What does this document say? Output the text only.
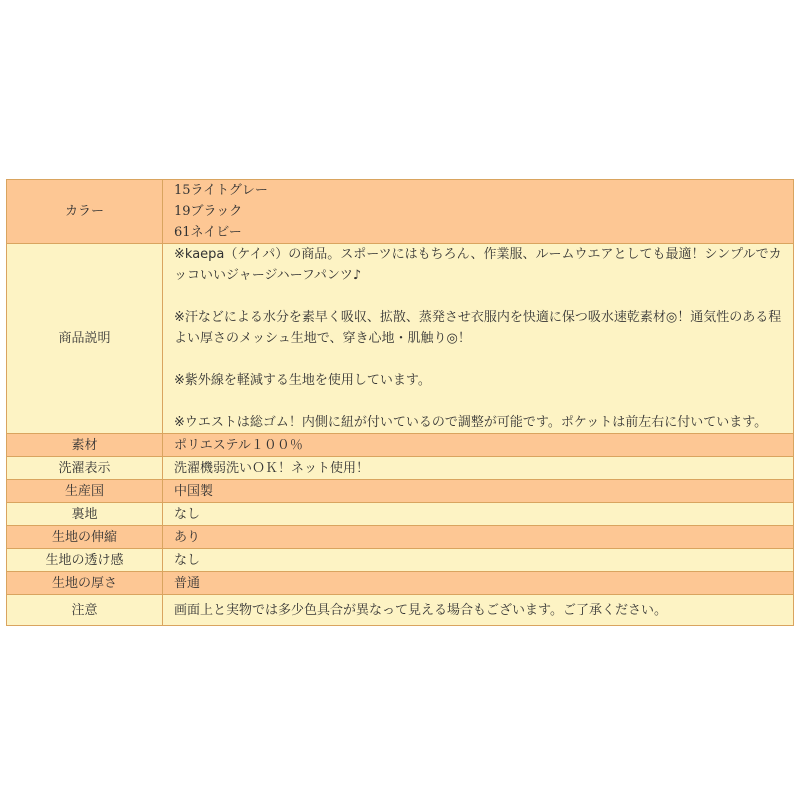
カラー	15ライトグレー
19ブラック
61ネイビー

商品説明	※kaepa（ケイパ）の商品。スポーツにはもちろん、作業服、ルームウエアとしても最適！シンプルでカッコいいジャージハーフパンツ♪
※汗などによる水分を素早く吸収、拡散、蒸発させ衣服内を快適に保つ吸水速乾素材◎！通気性のある程よい厚さのメッシュ生地で、穿き心地・肌触り◎！
※紫外線を軽減する生地を使用しています。
※ウエストは総ゴム！内側に紐が付いているので調整が可能です。ポケットは前左右に付いています。

素材	ポリエステル１００％
洗濯表示	洗濯機弱洗いＯＫ！ネット使用！
生産国	中国製
裏地	なし
生地の伸縮	あり
生地の透け感	なし
生地の厚さ	普通
注意	画面上と実物では多少色具合が異なって見える場合もございます。ご了承ください。
